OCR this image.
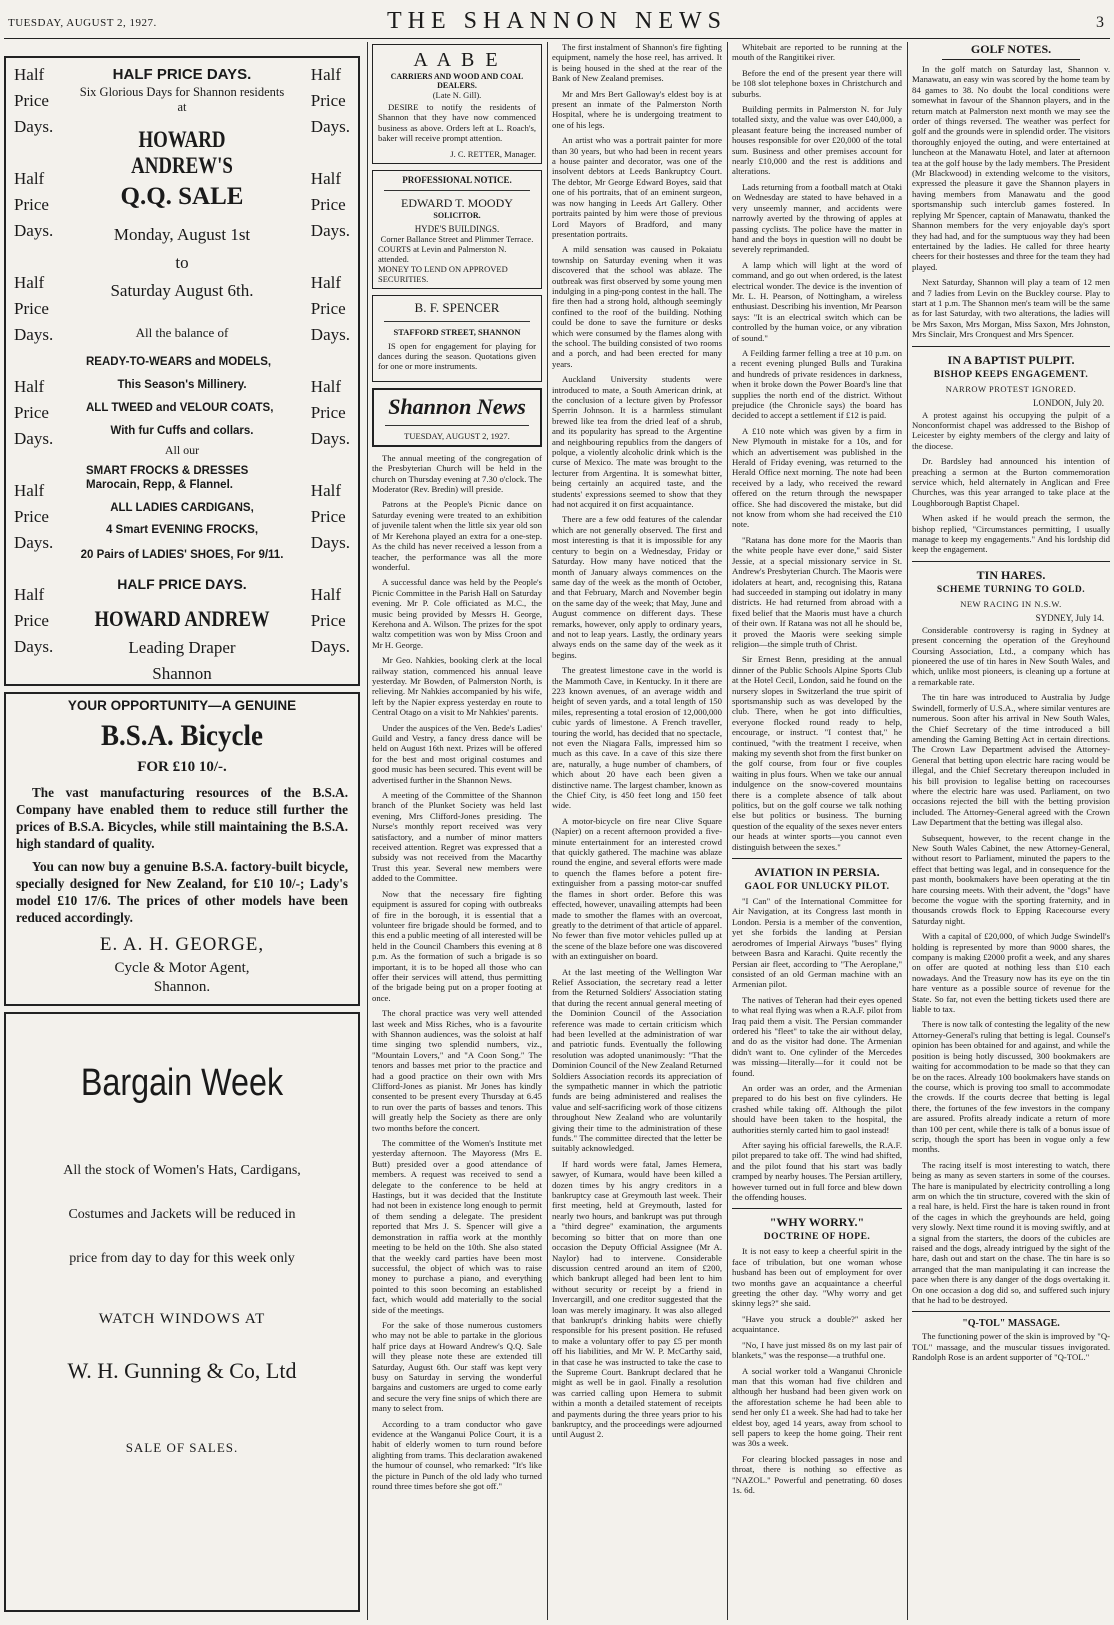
TUESDAY, AUGUST 2, 1927.	THE SHANNON NEWS	3
Half
Price
Days.
Half
Price
Days.
Half
Price
Days.
Half
Price
Days.
Half
Price
Days.
Half
Price
Days.
Half
Price
Days.
Half
Price
Days.
Half
Price
Days.
Half
Price
Days.
Half
Price
Days.
Half
Price
Days.
HALF PRICE DAYS.
Six Glorious Days for Shannon residents at
HOWARD ANDREW'S
Q.Q. SALE
Monday, August 1st
to
Saturday August 6th.
All the balance of
READY-TO-WEARS and MODELS,
This Season's Millinery.
ALL TWEED and VELOUR COATS,
With fur Cuffs and collars.
All our
SMART FROCKS & DRESSES Marocain, Repp, & Flannel.
ALL LADIES CARDIGANS,
4 Smart EVENING FROCKS,
20 Pairs of LADIES' SHOES, For 9/11.
HALF PRICE DAYS.
HOWARD ANDREW
Leading Draper
Shannon
YOUR OPPORTUNITY—A GENUINE
B.S.A. Bicycle
FOR £10 10/-.
The vast manufacturing resources of the B.S.A. Company have enabled them to reduce still further the prices of B.S.A. Bicycles, while still maintaining the B.S.A. high standard of quality.
You can now buy a genuine B.S.A. factory-built bicycle, specially designed for New Zealand, for £10 10/-; Lady's model £10 17/6. The prices of other models have been reduced accordingly.
E. A. H. GEORGE,
Cycle & Motor Agent,
Shannon.
Bargain Week
All the stock of Women's Hats, Cardigans,
Costumes and Jackets will be reduced in
price from day to day for this week only
WATCH WINDOWS AT
W. H. Gunning & Co, Ltd
SALE OF SALES.
A A B E
CARRIERS AND WOOD AND COAL DEALERS.
(Late N. Gill).

DESIRE to notify the residents of Shannon that they have now commenced business as above. Orders left at L. Roach's, baker will receive prompt attention.

J. C. RETTER, Manager.
PROFESSIONAL NOTICE.
EDWARD T. MOODY
SOLICITOR.
HYDE'S BUILDINGS.
Corner Ballance Street and Plimmer Terrace.
COURTS at Levin and Palmerston N. attended.
MONEY TO LEND ON APPROVED SECURITIES.
B. F. SPENCER
STAFFORD STREET, SHANNON

IS open for engagement for playing for dances during the season. Quotations given for one or more instruments.

Shannon News
TUESDAY, AUGUST 2, 1927.

The annual meeting of the congregation of the Presbyterian Church will be held in the church on Thursday evening at 7.30 o'clock. The Moderator (Rev. Bredin) will preside.

Patrons at the People's Picnic dance on Saturday evening were treated to an exhibition of juvenile talent when the little six year old son of Mr Kerehona played an extra for a one-step. As the child has never received a lesson from a teacher, the performance was all the more wonderful.

A successful dance was held by the People's Picnic Committee in the Parish Hall on Saturday evening. Mr P. Cole officiated as M.C., the music being provided by Messrs H. George, Kerehona and A. Wilson. The prizes for the spot waltz competition was won by Miss Croon and Mr H. George.

Mr Geo. Nahkies, booking clerk at the local railway station, commenced his annual leave yesterday. Mr Bowden, of Palmerston North, is relieving. Mr Nahkies accompanied by his wife, left by the Napier express yesterday en route to Central Otago on a visit to Mr Nahkies' parents.

Under the auspices of the Ven. Bede's Ladies' Guild and Vestry, a fancy dress dance will be held on August 16th next. Prizes will be offered for the best and most original costumes and good music has been secured. This event will be advertised further in the Shannon News.

A meeting of the Committee of the Shannon branch of the Plunket Society was held last evening, Mrs Clifford-Jones presiding. The Nurse's monthly report received was very satisfactory, and a number of minor matters received attention. Regret was expressed that a subsidy was not received from the Macarthy Trust this year. Several new members were added to the Committee.

Now that the necessary fire fighting equipment is assured for coping with outbreaks of fire in the borough, it is essential that a volunteer fire brigade should be formed, and to this end a public meeting of all interested will be held in the Council Chambers this evening at 8 p.m. As the formation of such a brigade is so important, it is to be hoped all those who can offer their services will attend, thus permitting of the brigade being put on a proper footing at once.

The choral practice was very well attended last week and Miss Riches, who is a favourite with Shannon audiences, was the soloist at half time singing two splendid numbers, viz., "Mountain Lovers," and "A Coon Song." The tenors and basses met prior to the practice and had a good practice on their own with Mrs Clifford-Jones as pianist. Mr Jones has kindly consented to be present every Thursday at 6.45 to run over the parts of basses and tenors. This will greatly help the Society as there are only two months before the concert.

The committee of the Women's Institute met yesterday afternoon. The Mayoress (Mrs E. Butt) presided over a good attendance of members. A request was received to send a delegate to the conference to be held at Hastings, but it was decided that the Institute had not been in existence long enough to permit of them sending a delegate. The president reported that Mrs J. S. Spencer will give a demonstration in raffia work at the monthly meeting to be held on the 10th. She also stated that the weekly card parties have been most successful, the object of which was to raise money to purchase a piano, and everything pointed to this soon becoming an established fact, which would add materially to the social side of the meetings.

For the sake of those numerous customers who may not be able to partake in the glorious half price days at Howard Andrew's Q.Q. Sale will they please note these are extended till Saturday, August 6th. Our staff was kept very busy on Saturday in serving the wonderful bargains and customers are urged to come early and secure the very fine snips of which there are many to select from.

According to a tram conductor who gave evidence at the Wanganui Police Court, it is a habit of elderly women to turn round before alighting from trams. This declaration awakened the humour of counsel, who remarked: "It's like the picture in Punch of the old lady who turned round three times before she got off."

The first instalment of Shannon's fire fighting equipment, namely the hose reel, has arrived. It is being housed in the shed at the rear of the Bank of New Zealand premises.

Mr and Mrs Bert Galloway's eldest boy is at present an inmate of the Palmerston North Hospital, where he is undergoing treatment to one of his legs.

An artist who was a portrait painter for more than 30 years, but who had been in recent years a house painter and decorator, was one of the insolvent debtors at Leeds Bankruptcy Court. The debtor, Mr George Edward Boyes, said that one of his portraits, that of an eminent surgeon, was now hanging in Leeds Art Gallery. Other portraits painted by him were those of previous Lord Mayors of Bradford, and many presentation portraits.

A mild sensation was caused in Pokaiatu township on Saturday evening when it was discovered that the school was ablaze. The outbreak was first observed by some young men indulging in a ping-pong contest in the hall. The fire then had a strong hold, although seemingly confined to the roof of the building. Nothing could be done to save the furniture or desks which were consumed by the flames along with the school. The building consisted of two rooms and a porch, and had been erected for many years.

Auckland University students were introduced to mate, a South American drink, at the conclusion of a lecture given by Professor Sperrin Johnson. It is a harmless stimulant brewed like tea from the dried leaf of a shrub, and its popularity has spread to the Argentine and neighbouring republics from the dangers of polque, a violently alcoholic drink which is the curse of Mexico. The mate was brought to the lecturer from Argentina. It is somewhat bitter, being certainly an acquired taste, and the students' expressions seemed to show that they had not acquired it on first acquaintance.

There are a few odd features of the calendar which are not generally observed. The first and most interesting is that it is impossible for any century to begin on a Wednesday, Friday or Saturday. How many have noticed that the month of January always commences on the same day of the week as the month of October, and that February, March and November begin on the same day of the week; that May, June and August commence on different days. These remarks, however, only apply to ordinary years, and not to leap years. Lastly, the ordinary years always ends on the same day of the week as it begins.

The greatest limestone cave in the world is the Mammoth Cave, in Kentucky. In it there are 223 known avenues, of an average width and height of seven yards, and a total length of 150 miles, representing a total erosion of 12,000,000 cubic yards of limestone. A French traveller, touring the world, has decided that no spectacle, not even the Niagara Falls, impressed him so much as this cave. In a cave of this size there are, naturally, a huge number of chambers, of which about 20 have each been given a distinctive name. The largest chamber, known as the Chief City, is 450 feet long and 150 feet wide.

A motor-bicycle on fire near Clive Square (Napier) on a recent afternoon provided a five-minute entertainment for an interested crowd that quickly gathered. The machine was ablaze round the engine, and several efforts were made to quench the flames before a potent fire-extinguisher from a passing motor-car snuffed the flames in short order. Before this was effected, however, unavailing attempts had been made to smother the flames with an overcoat, greatly to the detriment of that article of apparel. No fewer than five motor vehicles pulled up at the scene of the blaze before one was discovered with an extinguisher on board.

At the last meeting of the Wellington War Relief Association, the secretary read a letter from the Returned Soldiers' Association stating that during the recent annual general meeting of the Dominion Council of the Association reference was made to certain criticism which had been levelled at the administration of war and patriotic funds. Eventually the following resolution was adopted unanimously: "That the Dominion Council of the New Zealand Returned Soldiers Association records its appreciation of the sympathetic manner in which the patriotic funds are being administered and realises the value and self-sacrificing work of those citizens throughout New Zealand who are voluntarily giving their time to the administration of these funds." The committee directed that the letter be suitably acknowledged.

If hard words were fatal, James Hemera, sawyer, of Kumara, would have been killed a dozen times by his angry creditors in a bankruptcy case at Greymouth last week. Their first meeting, held at Greymouth, lasted for nearly two hours, and bankrupt was put through a "third degree" examination, the arguments becoming so bitter that on more than one occasion the Deputy Official Assignee (Mr A. Naylor) had to intervene. Considerable discussion centred around an item of £200, which bankrupt alleged had been lent to him without security or receipt by a friend in Invercargill, and one creditor suggested that the loan was merely imaginary. It was also alleged that bankrupt's drinking habits were chiefly responsible for his present position. He refused to make a voluntary offer to pay £5 per month off his liabilities, and Mr W. P. McCarthy said, in that case he was instructed to take the case to the Supreme Court. Bankrupt declared that he might as well be in gaol. Finally a resolution was carried calling upon Hemera to submit within a month a detailed statement of receipts and payments during the three years prior to his bankruptcy, and the proceedings were adjourned until August 2.

Whitebait are reported to be running at the mouth of the Rangitikei river.

Before the end of the present year there will be 108 slot telephone boxes in Christchurch and suburbs.

Building permits in Palmerston N. for July totalled sixty, and the value was over £40,000, a pleasant feature being the increased number of houses responsible for over £20,000 of the total sum. Business and other premises account for nearly £10,000 and the rest is additions and alterations.

Lads returning from a football match at Otaki on Wednesday are stated to have behaved in a very unseemly manner, and accidents were narrowly averted by the throwing of apples at passing cyclists. The police have the matter in hand and the boys in question will no doubt be severely reprimanded.

A lamp which will light at the word of command, and go out when ordered, is the latest electrical wonder. The device is the invention of Mr. L. H. Pearson, of Nottingham, a wireless enthusiast. Describing his invention, Mr Pearson says: "It is an electrical switch which can be controlled by the human voice, or any vibration of sound."

A Feilding farmer felling a tree at 10 p.m. on a recent evening plunged Bulls and Turakina and hundreds of private residences in darkness, when it broke down the Power Board's line that supplies the north end of the district. Without prejudice (the Chronicle says) the board has decided to accept a settlement if £12 is paid.

A £10 note which was given by a firm in New Plymouth in mistake for a 10s, and for which an advertisement was published in the Herald of Friday evening, was returned to the Herald Office next morning. The note had been received by a lady, who received the reward offered on the return through the newspaper office. She had discovered the mistake, but did not know from whom she had received the £10 note.

"Ratana has done more for the Maoris than the white people have ever done," said Sister Jessie, at a special missionary service in St. Andrew's Presbyterian Church. The Maoris were idolaters at heart, and, recognising this, Ratana had succeeded in stamping out idolatry in many districts. He had returned from abroad with a fixed belief that the Maoris must have a church of their own. If Ratana was not all he should be, it proved the Maoris were seeking simple religion—the simple truth of Christ.

Sir Ernest Benn, presiding at the annual dinner of the Public Schools Alpine Sports Club at the Hotel Cecil, London, said he found on the nursery slopes in Switzerland the true spirit of sportsmanship such as was developed by the club. There, when he got into difficulties, everyone flocked round ready to help, encourage, or instruct. "I contest that," he continued, "with the treatment I receive, when making my seventh shot from the first bunker on the golf course, from four or five couples waiting in plus fours. When we take our annual indulgence on the snow-covered mountains there is a complete absence of talk about politics, but on the golf course we talk nothing else but politics or business. The burning question of the equality of the sexes never enters our heads at winter sports—you cannot even distinguish between the sexes."

AVIATION IN PERSIA.
GAOL FOR UNLUCKY PILOT.

"I Can" of the International Committee for Air Navigation, at its Congress last month in London. Persia is a member of the convention, yet she forbids the landing at Persian aerodromes of Imperial Airways "buses" flying between Basra and Karachi. Quite recently the Persian air fleet, according to "The Aeroplane," consisted of an old German machine with an Armenian pilot.

The natives of Teheran had their eyes opened to what real flying was when a R.A.F. pilot from Iraq paid them a visit. The Persian commander ordered his "fleet" to take the air without delay, and do as the visitor had done. The Armenian didn't want to. One cylinder of the Mercedes was missing—literally—for it could not be found.

An order was an order, and the Armenian prepared to do his best on five cylinders. He crashed while taking off. Although the pilot should have been taken to the hospital, the authorities sternly carted him to gaol instead!

After saying his official farewells, the R.A.F. pilot prepared to take off. The wind had shifted, and the pilot found that his start was badly cramped by nearby houses. The Persian artillery, however turned out in full force and blew down the offending houses.

"WHY WORRY."
DOCTRINE OF HOPE.

It is not easy to keep a cheerful spirit in the face of tribulation, but one woman whose husband has been out of employment for over two months gave an acquaintance a cheerful greeting the other day. "Why worry and get skinny legs?" she said.

"Have you struck a double?" asked her acquaintance.

"No, I have just missed 8s on my last pair of blankets," was the response—a truthful one.

A social worker told a Wanganui Chronicle man that this woman had five children and although her husband had been given work on the afforestation scheme he had been able to send her only £1 a week. She had had to take her eldest boy, aged 14 years, away from school to sell papers to keep the home going. Their rent was 30s a week.

For clearing blocked passages in nose and throat, there is nothing so effective as "NAZOL." Powerful and penetrating. 60 doses 1s. 6d.

GOLF NOTES.

In the golf match on Saturday last, Shannon v. Manawatu, an easy win was scored by the home team by 84 games to 38. No doubt the local conditions were somewhat in favour of the Shannon players, and in the return match at Palmerston next month we may see the order of things reversed. The weather was perfect for golf and the grounds were in splendid order. The visitors thoroughly enjoyed the outing, and were entertained at luncheon at the Manawatu Hotel, and later at afternoon tea at the golf house by the lady members. The President (Mr Blackwood) in extending welcome to the visitors, expressed the pleasure it gave the Shannon players in having members from Manawatu and the good sportsmanship such interclub games fostered. In replying Mr Spencer, captain of Manawatu, thanked the Shannon members for the very enjoyable day's sport they had had, and for the sumptuous way they had been entertained by the ladies. He called for three hearty cheers for their hostesses and three for the team they had played.

Next Saturday, Shannon will play a team of 12 men and 7 ladies from Levin on the Buckley course. Play to start at 1 p.m. The Shannon men's team will be the same as for last Saturday, with two alterations, the ladies will be Mrs Saxon, Mrs Morgan, Miss Saxon, Mrs Johnston, Mrs Sinclair, Mrs Cronquest and Mrs Spencer.

IN A BAPTIST PULPIT.
BISHOP KEEPS ENGAGEMENT.
NARROW PROTEST IGNORED.
LONDON, July 20.

A protest against his occupying the pulpit of a Nonconformist chapel was addressed to the Bishop of Leicester by eighty members of the clergy and laity of the diocese.

Dr. Bardsley had announced his intention of preaching a sermon at the Burton commemoration service which, held alternately in Anglican and Free Churches, was this year arranged to take place at the Loughborough Baptist Chapel.

When asked if he would preach the sermon, the bishop replied, "Circumstances permitting, I usually manage to keep my engagements." And his lordship did keep the engagement.

TIN HARES.
SCHEME TURNING TO GOLD.
NEW RACING IN N.S.W.
SYDNEY, July 14.

Considerable controversy is raging in Sydney at present concerning the operation of the Greyhound Coursing Association, Ltd., a company which has pioneered the use of tin hares in New South Wales, and which, unlike most pioneers, is cleaning up a fortune at a remarkable rate.

The tin hare was introduced to Australia by Judge Swindell, formerly of U.S.A., where similar ventures are numerous. Soon after his arrival in New South Wales, the Chief Secretary of the time introduced a bill amending the Gaming Betting Act in certain directions. The Crown Law Department advised the Attorney-General that betting upon electric hare racing would be illegal, and the Chief Secretary thereupon included in his bill provision to legalise betting on racecourses where the electric hare was used. Parliament, on two occasions rejected the bill with the betting provision included. The Attorney-General agreed with the Crown Law Department that the betting was illegal also.

Subsequent, however, to the recent change in the New South Wales Cabinet, the new Attorney-General, without resort to Parliament, minuted the papers to the effect that betting was legal, and in consequence for the past month, bookmakers have been operating at the tin hare coursing meets. With their advent, the "dogs" have become the vogue with the sporting fraternity, and in thousands crowds flock to Epping Racecourse every Saturday night.

With a capital of £20,000, of which Judge Swindell's holding is represented by more than 9000 shares, the company is making £2000 profit a week, and any shares on offer are quoted at nothing less than £10 each nowadays. And the Treasury now has its eye on the tin hare venture as a possible source of revenue for the State. So far, not even the betting tickets used there are liable to tax.

There is now talk of contesting the legality of the new Attorney-General's ruling that betting is legal. Counsel's opinion has been obtained for and against, and while the position is being hotly discussed, 300 bookmakers are waiting for accommodation to be made so that they can be on the races. Already 100 bookmakers have stands on the course, which is proving too small to accommodate the crowds. If the courts decree that betting is legal there, the fortunes of the few investors in the company are assured. Profits already indicate a return of more than 100 per cent, while there is talk of a bonus issue of scrip, though the sport has been in vogue only a few months.

The racing itself is most interesting to watch, there being as many as seven starters in some of the courses. The hare is manipulated by electricity controlling a long arm on which the tin structure, covered with the skin of a real hare, is held. First the hare is taken round in front of the cages in which the greyhounds are held, going very slowly. Next time round it is moving swiftly, and at a signal from the starters, the doors of the cubicles are raised and the dogs, already intrigued by the sight of the hare, dash out and start on the chase. The tin hare is so arranged that the man manipulating it can increase the pace when there is any danger of the dogs overtaking it. On one occasion a dog did so, and suffered such injury that he had to be destroyed.

"Q-TOL" MASSAGE.

The functioning power of the skin is improved by "Q-TOL" massage, and the muscular tissues invigorated. Randolph Rose is an ardent supporter of "Q-TOL."
